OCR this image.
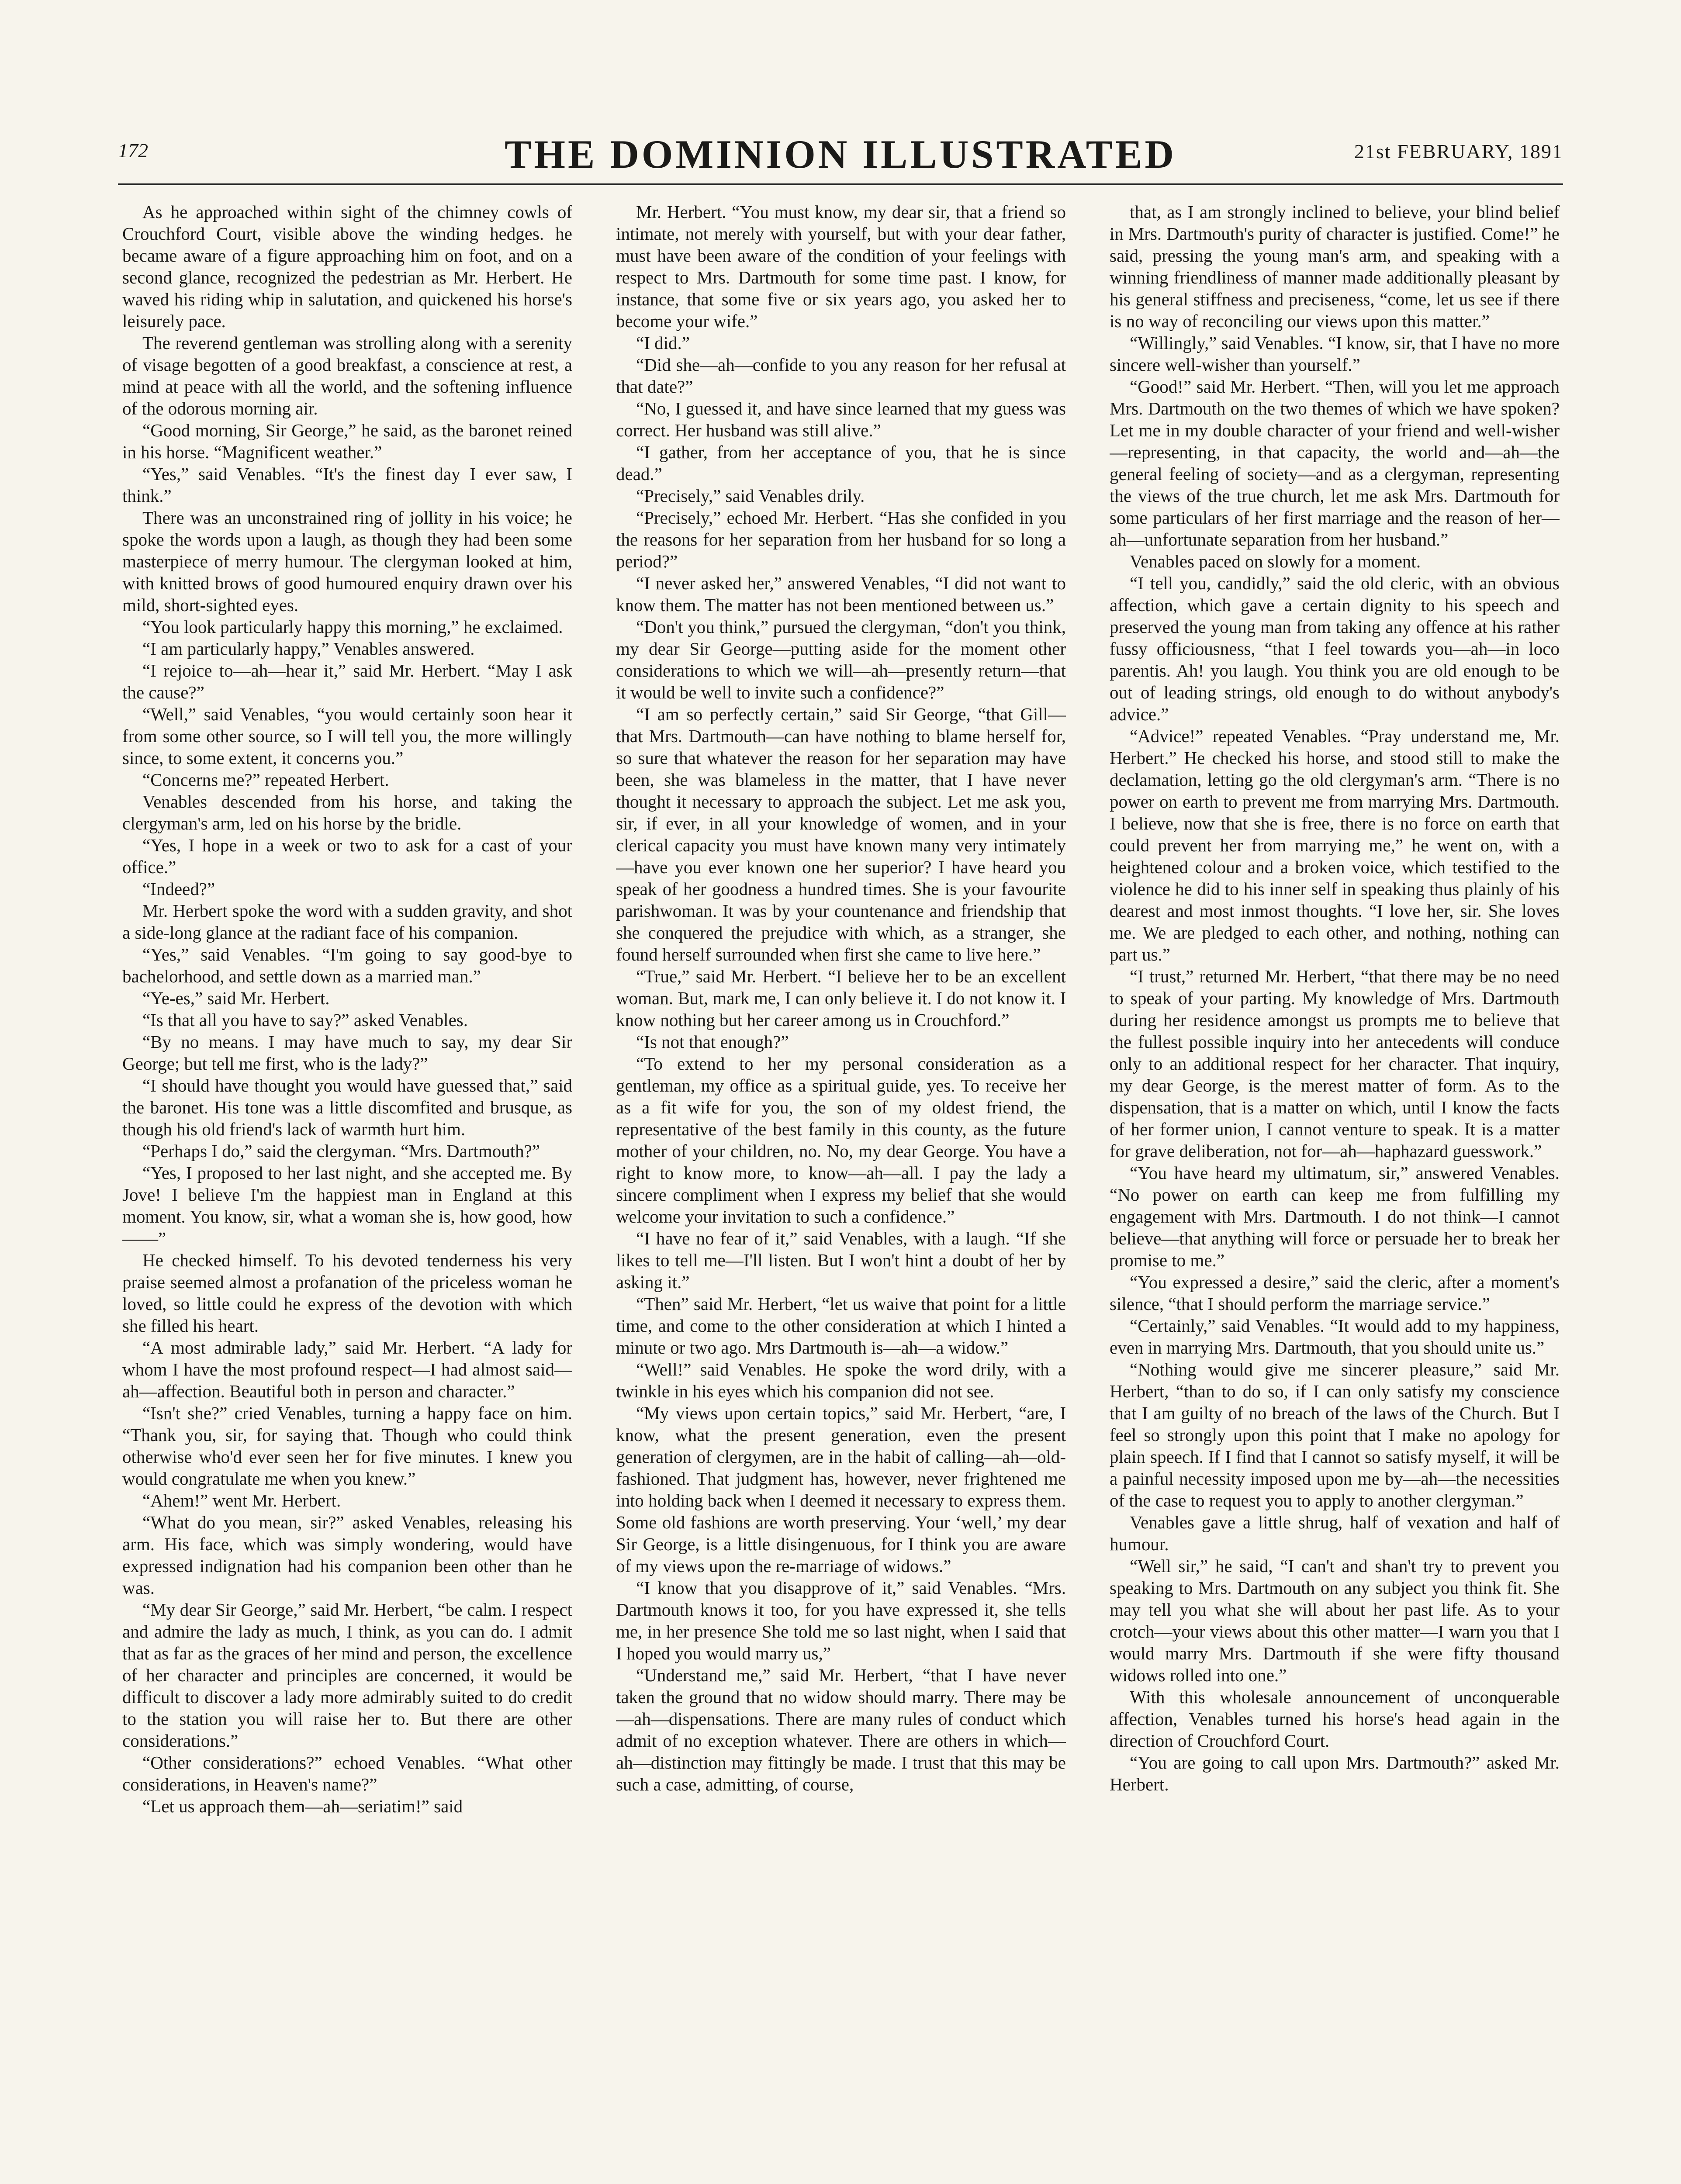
172	THE DOMINION ILLUSTRATED	21st FEBRUARY, 1891

As he approached within sight of the chimney cowls of Crouchford Court, visible above the winding hedges. he became aware of a figure approaching him on foot, and on a second glance, recognized the pedestrian as Mr. Herbert. He waved his riding whip in salutation, and quickened his horse's leisurely pace.

The reverend gentleman was strolling along with a serenity of visage begotten of a good breakfast, a conscience at rest, a mind at peace with all the world, and the softening influence of the odorous morning air.

“Good morning, Sir George,” he said, as the baronet reined in his horse. “Magnificent weather.”

“Yes,” said Venables. “It's the finest day I ever saw, I think.”

There was an unconstrained ring of jollity in his voice; he spoke the words upon a laugh, as though they had been some masterpiece of merry humour. The clergyman looked at him, with knitted brows of good humoured enquiry drawn over his mild, short-sighted eyes.

“You look particularly happy this morning,” he exclaimed.

“I am particularly happy,” Venables answered.

“I rejoice to—ah—hear it,” said Mr. Herbert. “May I ask the cause?”

“Well,” said Venables, “you would certainly soon hear it from some other source, so I will tell you, the more willingly since, to some extent, it concerns you.”

“Concerns me?” repeated Herbert.

Venables descended from his horse, and taking the clergyman's arm, led on his horse by the bridle.

“Yes, I hope in a week or two to ask for a cast of your office.”

“Indeed?”

Mr. Herbert spoke the word with a sudden gravity, and shot a side-long glance at the radiant face of his companion.

“Yes,” said Venables. “I'm going to say good-bye to bachelorhood, and settle down as a married man.”

“Ye-es,” said Mr. Herbert.

“Is that all you have to say?” asked Venables.

“By no means. I may have much to say, my dear Sir George; but tell me first, who is the lady?”

“I should have thought you would have guessed that,” said the baronet. His tone was a little discomfited and brusque, as though his old friend's lack of warmth hurt him.

“Perhaps I do,” said the clergyman. “Mrs. Dartmouth?”

“Yes, I proposed to her last night, and she accepted me. By Jove! I believe I'm the happiest man in England at this moment. You know, sir, what a woman she is, how good, how——”

He checked himself. To his devoted tenderness his very praise seemed almost a profanation of the priceless woman he loved, so little could he express of the devotion with which she filled his heart.

“A most admirable lady,” said Mr. Herbert. “A lady for whom I have the most profound respect—I had almost said—ah—affection. Beautiful both in person and character.”

“Isn't she?” cried Venables, turning a happy face on him. “Thank you, sir, for saying that. Though who could think otherwise who'd ever seen her for five minutes. I knew you would congratulate me when you knew.”

“Ahem!” went Mr. Herbert.

“What do you mean, sir?” asked Venables, releasing his arm. His face, which was simply wondering, would have expressed indignation had his companion been other than he was.

“My dear Sir George,” said Mr. Herbert, “be calm. I respect and admire the lady as much, I think, as you can do. I admit that as far as the graces of her mind and person, the excellence of her character and principles are concerned, it would be difficult to discover a lady more admirably suited to do credit to the station you will raise her to. But there are other considerations.”

“Other considerations?” echoed Venables. “What other considerations, in Heaven's name?”

“Let us approach them—ah—seriatim!” said

Mr. Herbert. “You must know, my dear sir, that a friend so intimate, not merely with yourself, but with your dear father, must have been aware of the condition of your feelings with respect to Mrs. Dartmouth for some time past. I know, for instance, that some five or six years ago, you asked her to become your wife.”

“I did.”

“Did she—ah—confide to you any reason for her refusal at that date?”

“No, I guessed it, and have since learned that my guess was correct. Her husband was still alive.”

“I gather, from her acceptance of you, that he is since dead.”

“Precisely,” said Venables drily.

“Precisely,” echoed Mr. Herbert. “Has she confided in you the reasons for her separation from her husband for so long a period?”

“I never asked her,” answered Venables, “I did not want to know them. The matter has not been mentioned between us.”

“Don't you think,” pursued the clergyman, “don't you think, my dear Sir George—putting aside for the moment other considerations to which we will—ah—presently return—that it would be well to invite such a confidence?”

“I am so perfectly certain,” said Sir George, “that Gill—that Mrs. Dartmouth—can have nothing to blame herself for, so sure that whatever the reason for her separation may have been, she was blameless in the matter, that I have never thought it necessary to approach the subject. Let me ask you, sir, if ever, in all your knowledge of women, and in your clerical capacity you must have known many very intimately—have you ever known one her superior? I have heard you speak of her goodness a hundred times. She is your favourite parishwoman. It was by your countenance and friendship that she conquered the prejudice with which, as a stranger, she found herself surrounded when first she came to live here.”

“True,” said Mr. Herbert. “I believe her to be an excellent woman. But, mark me, I can only believe it. I do not know it. I know nothing but her career among us in Crouchford.”

“Is not that enough?”

“To extend to her my personal consideration as a gentleman, my office as a spiritual guide, yes. To receive her as a fit wife for you, the son of my oldest friend, the representative of the best family in this county, as the future mother of your children, no. No, my dear George. You have a right to know more, to know—ah—all. I pay the lady a sincere compliment when I express my belief that she would welcome your invitation to such a confidence.”

“I have no fear of it,” said Venables, with a laugh. “If she likes to tell me—I'll listen. But I won't hint a doubt of her by asking it.”

“Then” said Mr. Herbert, “let us waive that point for a little time, and come to the other consideration at which I hinted a minute or two ago. Mrs Dartmouth is—ah—a widow.”

“Well!” said Venables. He spoke the word drily, with a twinkle in his eyes which his companion did not see.

“My views upon certain topics,” said Mr. Herbert, “are, I know, what the present generation, even the present generation of clergymen, are in the habit of calling—ah—old-fashioned. That judgment has, however, never frightened me into holding back when I deemed it necessary to express them. Some old fashions are worth preserving. Your ‘well,’ my dear Sir George, is a little disingenuous, for I think you are aware of my views upon the re-marriage of widows.”

“I know that you disapprove of it,” said Venables. “Mrs. Dartmouth knows it too, for you have expressed it, she tells me, in her presence She told me so last night, when I said that I hoped you would marry us,”

“Understand me,” said Mr. Herbert, “that I have never taken the ground that no widow should marry. There may be—ah—dispensations. There are many rules of conduct which admit of no exception whatever. There are others in which—ah—distinction may fittingly be made. I trust that this may be such a case, admitting, of course,

that, as I am strongly inclined to believe, your blind belief in Mrs. Dartmouth's purity of character is justified. Come!” he said, pressing the young man's arm, and speaking with a winning friendliness of manner made additionally pleasant by his general stiffness and preciseness, “come, let us see if there is no way of reconciling our views upon this matter.”

“Willingly,” said Venables. “I know, sir, that I have no more sincere well-wisher than yourself.”

“Good!” said Mr. Herbert. “Then, will you let me approach Mrs. Dartmouth on the two themes of which we have spoken? Let me in my double character of your friend and well-wisher—representing, in that capacity, the world and—ah—the general feeling of society—and as a clergyman, representing the views of the true church, let me ask Mrs. Dartmouth for some particulars of her first marriage and the reason of her—ah—unfortunate separation from her husband.”

Venables paced on slowly for a moment.

“I tell you, candidly,” said the old cleric, with an obvious affection, which gave a certain dignity to his speech and preserved the young man from taking any offence at his rather fussy officiousness, “that I feel towards you—ah—in loco parentis. Ah! you laugh. You think you are old enough to be out of leading strings, old enough to do without anybody's advice.”

“Advice!” repeated Venables. “Pray understand me, Mr. Herbert.” He checked his horse, and stood still to make the declamation, letting go the old clergyman's arm. “There is no power on earth to prevent me from marrying Mrs. Dartmouth. I believe, now that she is free, there is no force on earth that could prevent her from marrying me,” he went on, with a heightened colour and a broken voice, which testified to the violence he did to his inner self in speaking thus plainly of his dearest and most inmost thoughts. “I love her, sir. She loves me. We are pledged to each other, and nothing, nothing can part us.”

“I trust,” returned Mr. Herbert, “that there may be no need to speak of your parting. My knowledge of Mrs. Dartmouth during her residence amongst us prompts me to believe that the fullest possible inquiry into her antecedents will conduce only to an additional respect for her character. That inquiry, my dear George, is the merest matter of form. As to the dispensation, that is a matter on which, until I know the facts of her former union, I cannot venture to speak. It is a matter for grave deliberation, not for—ah—haphazard guesswork.”

“You have heard my ultimatum, sir,” answered Venables. “No power on earth can keep me from fulfilling my engagement with Mrs. Dartmouth. I do not think—I cannot believe—that anything will force or persuade her to break her promise to me.”

“You expressed a desire,” said the cleric, after a moment's silence, “that I should perform the marriage service.”

“Certainly,” said Venables. “It would add to my happiness, even in marrying Mrs. Dartmouth, that you should unite us.”

“Nothing would give me sincerer pleasure,” said Mr. Herbert, “than to do so, if I can only satisfy my conscience that I am guilty of no breach of the laws of the Church. But I feel so strongly upon this point that I make no apology for plain speech. If I find that I cannot so satisfy myself, it will be a painful necessity imposed upon me by—ah—the necessities of the case to request you to apply to another clergyman.”

Venables gave a little shrug, half of vexation and half of humour.

“Well sir,” he said, “I can't and shan't try to prevent you speaking to Mrs. Dartmouth on any subject you think fit. She may tell you what she will about her past life. As to your crotch—your views about this other matter—I warn you that I would marry Mrs. Dartmouth if she were fifty thousand widows rolled into one.”

With this wholesale announcement of unconquerable affection, Venables turned his horse's head again in the direction of Crouchford Court.

“You are going to call upon Mrs. Dartmouth?” asked Mr. Herbert.
